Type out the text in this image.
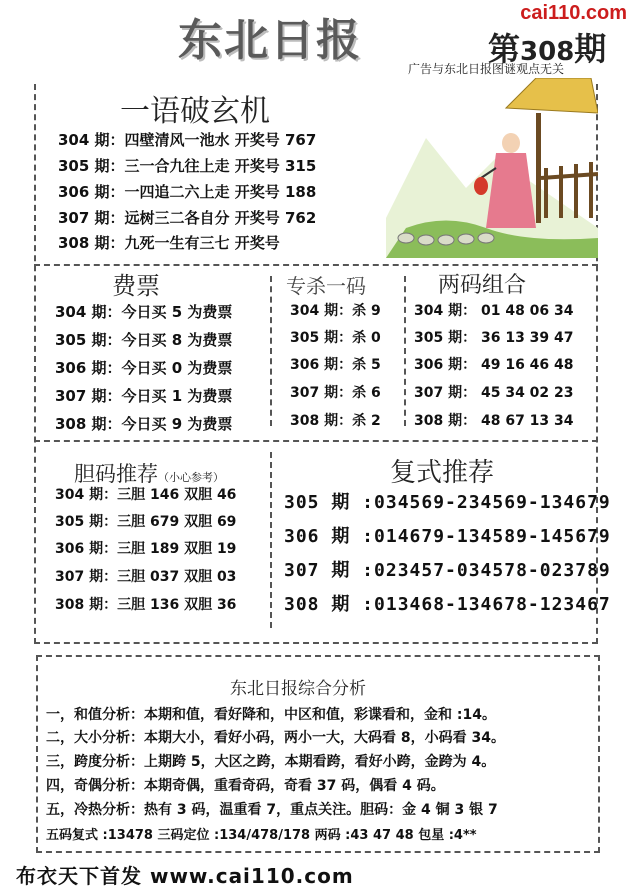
东北日报
cai110.com
第308期
广告与东北日报图谜观点无关
一语破玄机
304 期：四壁清风一池水 开奖号 767
305 期：三一合九往上走 开奖号 315
306 期：一四追二六上走 开奖号 188
307 期：远树三二各自分 开奖号 762
308 期：九死一生有三七 开奖号
费票
304 期：今日买 5 为费票
305 期：今日买 8 为费票
306 期：今日买 0 为费票
307 期：今日买 1 为费票
308 期：今日买 9 为费票
专杀一码
304 期：杀 9
305 期：杀 0
306 期：杀 5
307 期：杀 6
308 期：杀 2
两码组合
304 期： 01 48 06 34
305 期： 36 13 39 47
306 期： 49 16 46 48
307 期： 45 34 02 23
308 期： 48 67 13 34
胆码推荐（小心参考）
304 期：三胆 146 双胆 46
305 期：三胆 679 双胆 69
306 期：三胆 189 双胆 19
307 期：三胆 037 双胆 03
308 期：三胆 136 双胆 36
复式推荐
305 期 :034569-234569-134679
306 期 :014679-134589-145679
307 期 :023457-034578-023789
308 期 :013468-134678-123467
东北日报综合分析
一，和值分析：本期和值，看好降和，中区和值，彩谍看和，金和 :14。
二，大小分析：本期大小，看好小码，两小一大，大码看 8，小码看 34。
三，跨度分析：上期跨 5，大区之跨，本期看跨，看好小跨，金跨为 4。
四，奇偶分析：本期奇偶，重看奇码，奇看 37 码，偶看 4 码。
五，冷热分析：热有 3 码，温重看 7，重点关注。胆码：金 4 铜 3 银 7
五码复式 :13478 三码定位 :134/478/178 两码 :43 47 48 包星 :4**
布衣天下首发 www.cai110.com
